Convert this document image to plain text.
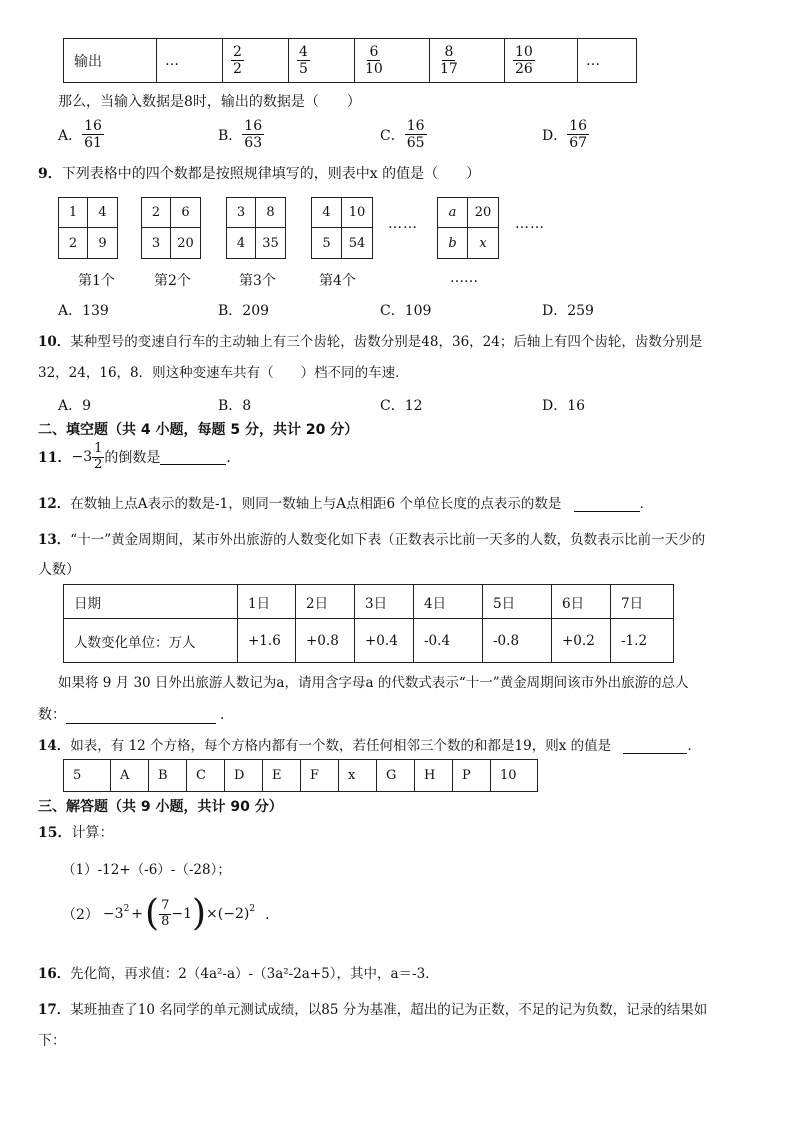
输出	…	$\frac{2}{2}$	$\frac{4}{5}$	$\frac{6}{10}$	$\frac{8}{17}$	$\frac{10}{26}$	…
那么，当输入数据是8时，输出的数据是（　　）
A． $\frac{16}{61}$	B． $\frac{16}{63}$	C． $\frac{16}{65}$	D． $\frac{16}{67}$
9．下列表格中的四个数都是按照规律填写的，则表中x 的值是（　　）
1	4
2	9
2	6
3	20
3	8
4	35
4	10
5	54
……
a	20
b	x
……
第1个	第2个	第3个	第4个	……
A．139	B．209	C．109	D．259
10．某种型号的变速自行车的主动轴上有三个齿轮，齿数分别是48，36，24；后轴上有四个齿轮，齿数分别是
32，24，16，8．则这种变速车共有（　　）档不同的车速．
A．9	B．8	C．12	D．16
二、填空题（共 4 小题，每题 5 分，共计 20 分）
11． $-3 \frac{1}{2}$ 的倒数是	．
12．在数轴上点A表示的数是-1，则同一数轴上与A点相距6 个单位长度的点表示的数是	．
13．“十一”黄金周期间，某市外出旅游的人数变化如下表（正数表示比前一天多的人数，负数表示比前一天少的
人数）
日期	1日	2日	3日	4日	5日	6日	7日
人数变化单位：万人	+1.6	+0.8	+0.4	-0.4	-0.8	+0.2	-1.2
如果将 9 月 30 日外出旅游人数记为a，请用含字母a 的代数式表示“十一”黄金周期间该市外出旅游的总人
数：	．
14．如表，有 12 个方格，每个方格内都有一个数，若任何相邻三个数的和都是19，则x 的值是	．
5	A	B	C	D	E	F	x	G	H	P	10
三、解答题（共 9 小题，共计 90 分）
15．计算：
（1）-12+（-6）-（-28）；
$(2) -3^2$ + ( $\frac{7}{8} -1$ ) $\times(-2)^2$ ．
16．先化简，再求值：2（4a²-a）-（3a²-2a+5），其中，a＝-3．
17．某班抽查了10 名同学的单元测试成绩，以85 分为基准，超出的记为正数，不足的记为负数，记录的结果如
下：
